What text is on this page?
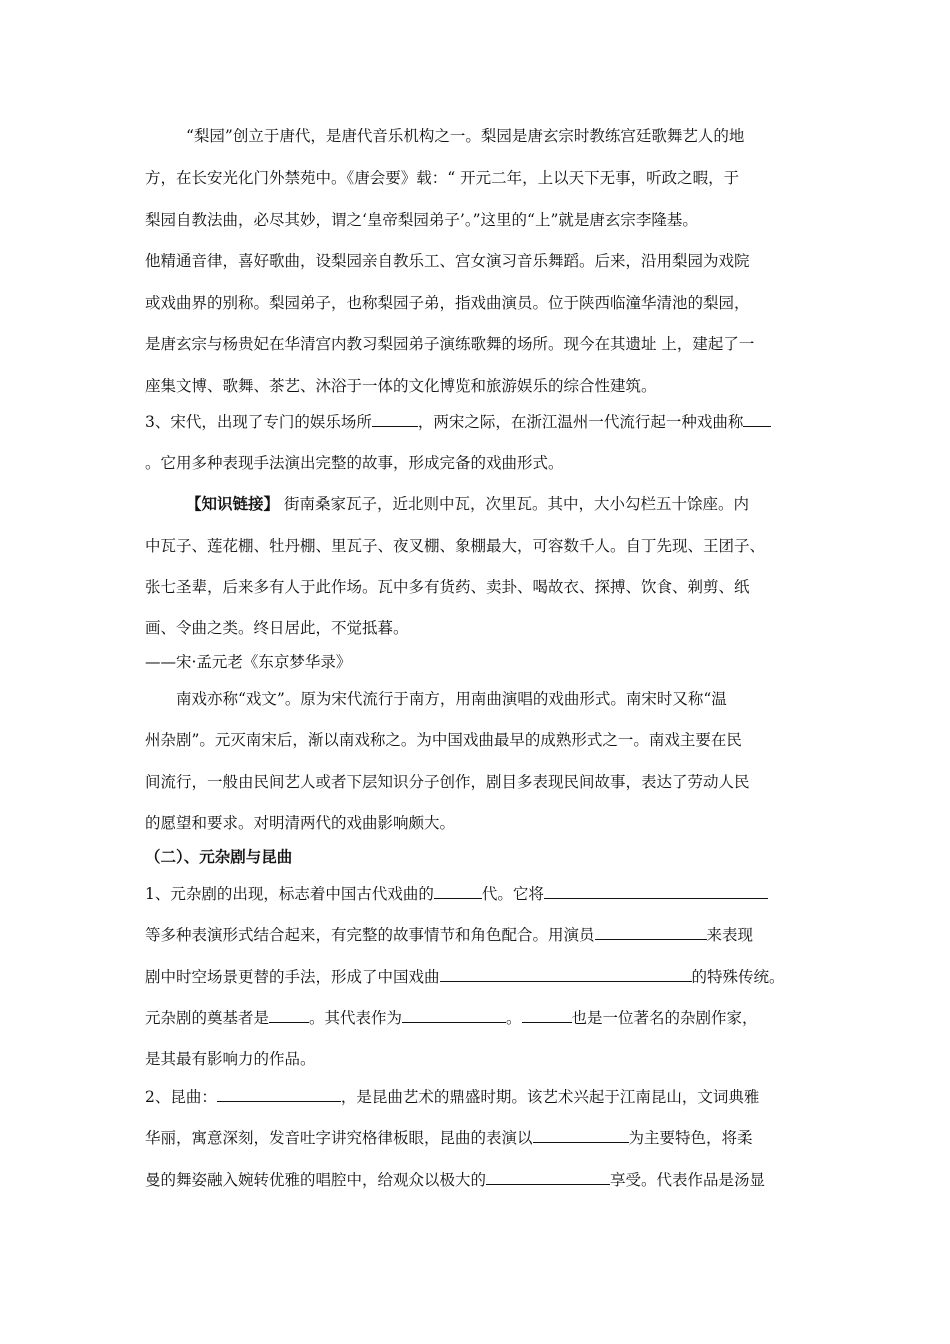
“梨园”创立于唐代，是唐代音乐机构之一。梨园是唐玄宗时教练宫廷歌舞艺人的地
方，在长安光化门外禁苑中。《唐会要》载：“ 开元二年，上以天下无事，听政之暇，于
梨园自教法曲，必尽其妙，谓之‘皇帝梨园弟子’。”这里的“上”就是唐玄宗李隆基。
他精通音律，喜好歌曲，设梨园亲自教乐工、宫女演习音乐舞蹈。后来，沿用梨园为戏院
或戏曲界的别称。梨园弟子，也称梨园子弟，指戏曲演员。位于陕西临潼华清池的梨园，
是唐玄宗与杨贵妃在华清宫内教习梨园弟子演练歌舞的场所。现今在其遗址 上，建起了一
座集文博、歌舞、茶艺、沐浴于一体的文化博览和旅游娱乐的综合性建筑。
3、宋代，出现了专门的娱乐场所	，两宋之际，在浙江温州一代流行起一种戏曲称
。它用多种表现手法演出完整的故事，形成完备的戏曲形式。
【知识链接】 街南桑家瓦子，近北则中瓦，次里瓦。其中，大小勾栏五十馀座。内
中瓦子、莲花棚、牡丹棚、里瓦子、夜叉棚、象棚最大，可容数千人。自丁先现、王团子、
张七圣辈，后来多有人于此作场。瓦中多有货药、卖卦、喝故衣、探搏、饮食、剃剪、纸
画、令曲之类。终日居此，不觉抵暮。
——宋·孟元老《东京梦华录》
南戏亦称“戏文”。原为宋代流行于南方，用南曲演唱的戏曲形式。南宋时又称“温
州杂剧”。元灭南宋后，渐以南戏称之。为中国戏曲最早的成熟形式之一。南戏主要在民
间流行，一般由民间艺人或者下层知识分子创作，剧目多表现民间故事，表达了劳动人民
的愿望和要求。对明清两代的戏曲影响颇大。
（二）、元杂剧与昆曲
1、元杂剧的出现，标志着中国古代戏曲的	代。它将
等多种表演形式结合起来，有完整的故事情节和角色配合。用演员	来表现
剧中时空场景更替的手法，形成了中国戏曲	的特殊传统。
元杂剧的奠基者是	。其代表作为	。	也是一位著名的杂剧作家，
是其最有影响力的作品。
2、昆曲：	，是昆曲艺术的鼎盛时期。该艺术兴起于江南昆山，文词典雅
华丽，寓意深刻，发音吐字讲究格律板眼，昆曲的表演以	为主要特色，将柔
曼的舞姿融入婉转优雅的唱腔中，给观众以极大的	享受。代表作品是汤显
